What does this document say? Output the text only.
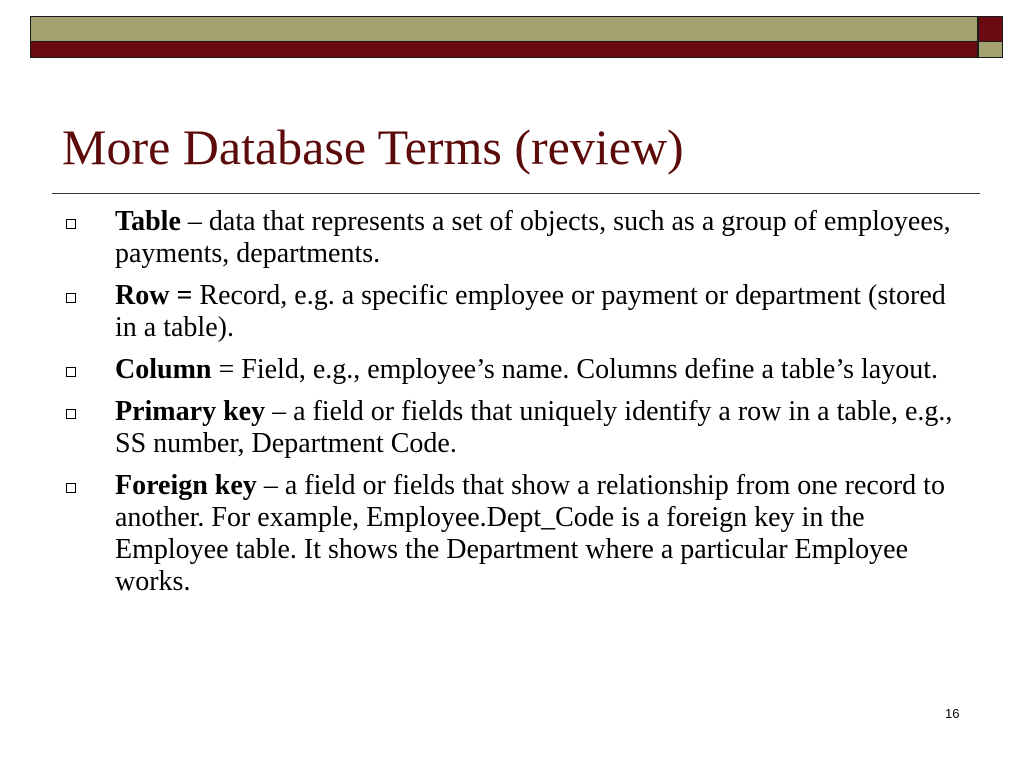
More Database Terms (review)
Table – data that represents a set of objects, such as a group of employees, payments, departments.
Row = Record, e.g. a specific employee or payment or department (stored in a table).
Column = Field, e.g., employee’s name. Columns define a table’s layout.
Primary key – a field or fields that uniquely identify a row in a table, e.g., SS number, Department Code.
Foreign key – a field or fields that show a relationship from one record to another. For example, Employee.Dept_Code is a foreign key in the Employee table. It shows the Department where a particular Employee works.
16
